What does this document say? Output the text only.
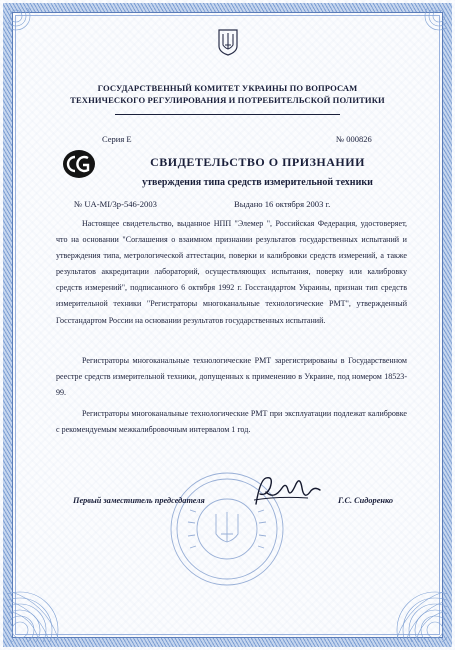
ГОСУДАРСТВЕННЫЙ КОМИТЕТ УКРАИНЫ ПО ВОПРОСАМ
ТЕХНИЧЕСКОГО РЕГУЛИРОВАНИЯ И ПОТРЕБИТЕЛЬСКОЙ ПОЛИТИКИ
Серия Е	№ 000826
СВИДЕТЕЛЬСТВО О ПРИЗНАНИИ
утверждения типа средств измерительной техники
№ UA-MI/3p-546-2003	Выдано 16 октября 2003 г.

Настоящее свидетельство, выданное НПП "Элемер ", Российская Федерация, удостоверяет, что на основании "Соглашения о взаимном признании результатов государственных испытаний и утверждения типа, метрологической аттестации, поверки и калибровки средств измерений, а также результатов аккредитации лабораторий, осуществляющих испытания, поверку или калибровку средств измерений", подписанного 6 октября 1992 г. Госстандартом Украины, признан тип средств измерительной техники "Регистраторы многоканальные технологические РМТ", утвержденный Госстандартом России на основании результатов государственных испытаний.

Регистраторы многоканальные технологические РМТ зарегистрированы в Государственном реестре средств измерительной техники, допущенных к применению в Украине, под номером 18523-99.

Регистраторы многоканальные технологические РМТ при эксплуатации подлежат калибровке с рекомендуемым межкалибровочным интервалом 1 год.

Первый заместитель председателя	Г.С. Сидоренко
